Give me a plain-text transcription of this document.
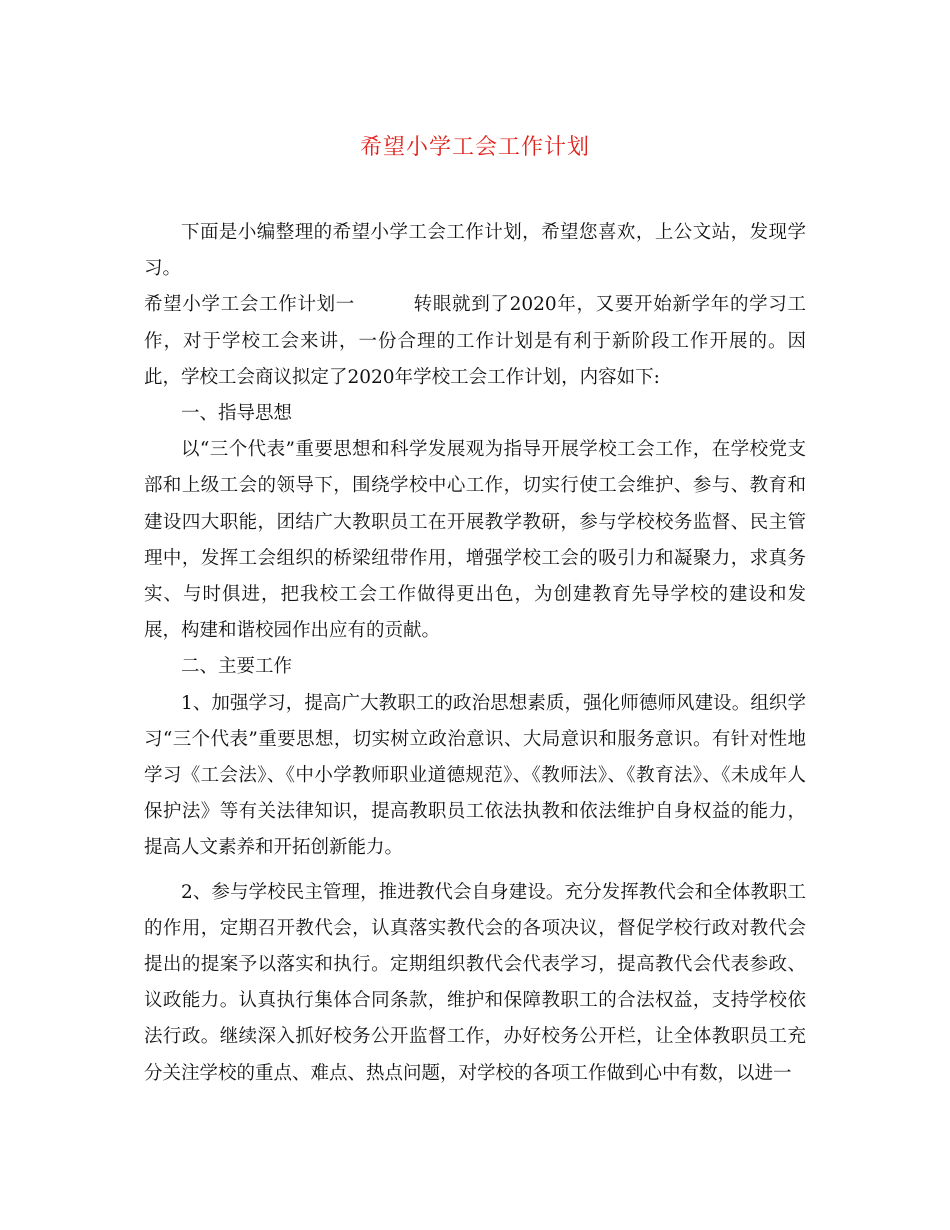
希望小学工会工作计划

下面是小编整理的希望小学工会工作计划，希望您喜欢，上公文站，发现学习。

希望小学工会工作计划一	转眼就到了2020年，又要开始新学年的学习工作，对于学校工会来讲，一份合理的工作计划是有利于新阶段工作开展的。因此，学校工会商议拟定了2020年学校工会工作计划，内容如下:

一、指导思想

以“三个代表”重要思想和科学发展观为指导开展学校工会工作，在学校党支部和上级工会的领导下，围绕学校中心工作，切实行使工会维护、参与、教育和建设四大职能，团结广大教职员工在开展教学教研，参与学校校务监督、民主管理中，发挥工会组织的桥梁纽带作用，增强学校工会的吸引力和凝聚力，求真务实、与时俱进，把我校工会工作做得更出色，为创建教育先导学校的建设和发展，构建和谐校园作出应有的贡献。

二、主要工作

1、加强学习，提高广大教职工的政治思想素质，强化师德师风建设。组织学习“三个代表”重要思想，切实树立政治意识、大局意识和服务意识。有针对性地学习《工会法》、《中小学教师职业道德规范》、《教师法》、《教育法》、《未成年人保护法》等有关法律知识，提高教职员工依法执教和依法维护自身权益的能力，提高人文素养和开拓创新能力。

2、参与学校民主管理，推进教代会自身建设。充分发挥教代会和全体教职工的作用，定期召开教代会，认真落实教代会的各项决议，督促学校行政对教代会提出的提案予以落实和执行。定期组织教代会代表学习，提高教代会代表参政、议政能力。认真执行集体合同条款，维护和保障教职工的合法权益，支持学校依法行政。继续深入抓好校务公开监督工作，办好校务公开栏，让全体教职员工充分关注学校的重点、难点、热点问题，对学校的各项工作做到心中有数，以进一
